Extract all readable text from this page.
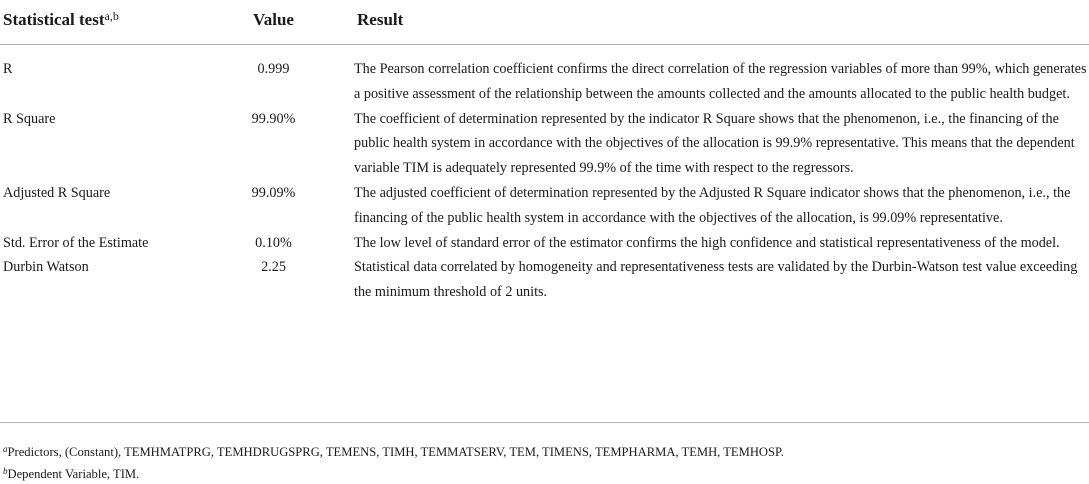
Statistical test$^{a,b}$	Value	Result
R	0.999	The Pearson correlation coefficient confirms the direct correlation of the regression variables of more than 99%, which generates a positive assessment of the relationship between the amounts collected and the amounts allocated to the public health budget.
R Square	99.90%	The coefficient of determination represented by the indicator R Square shows that the phenomenon, i.e., the financing of the public health system in accordance with the objectives of the allocation is 99.9% representative. This means that the dependent variable TIM is adequately represented 99.9% of the time with respect to the regressors.
Adjusted R Square	99.09%	The adjusted coefficient of determination represented by the Adjusted R Square indicator shows that the phenomenon, i.e., the financing of the public health system in accordance with the objectives of the allocation, is 99.09% representative.
Std. Error of the Estimate	0.10%	The low level of standard error of the estimator confirms the high confidence and statistical representativeness of the model.
Durbin Watson	2.25	Statistical data correlated by homogeneity and representativeness tests are validated by the Durbin-Watson test value exceeding the minimum threshold of 2 units.
$^a$Predictors, (Constant), TEMHMATPRG, TEMHDRUGSPRG, TEMENS, TIMH, TEMMATSERV, TEM, TIMENS, TEMPHARMA, TEMH, TEMHOSP.
$^b$Dependent Variable, TIM.
